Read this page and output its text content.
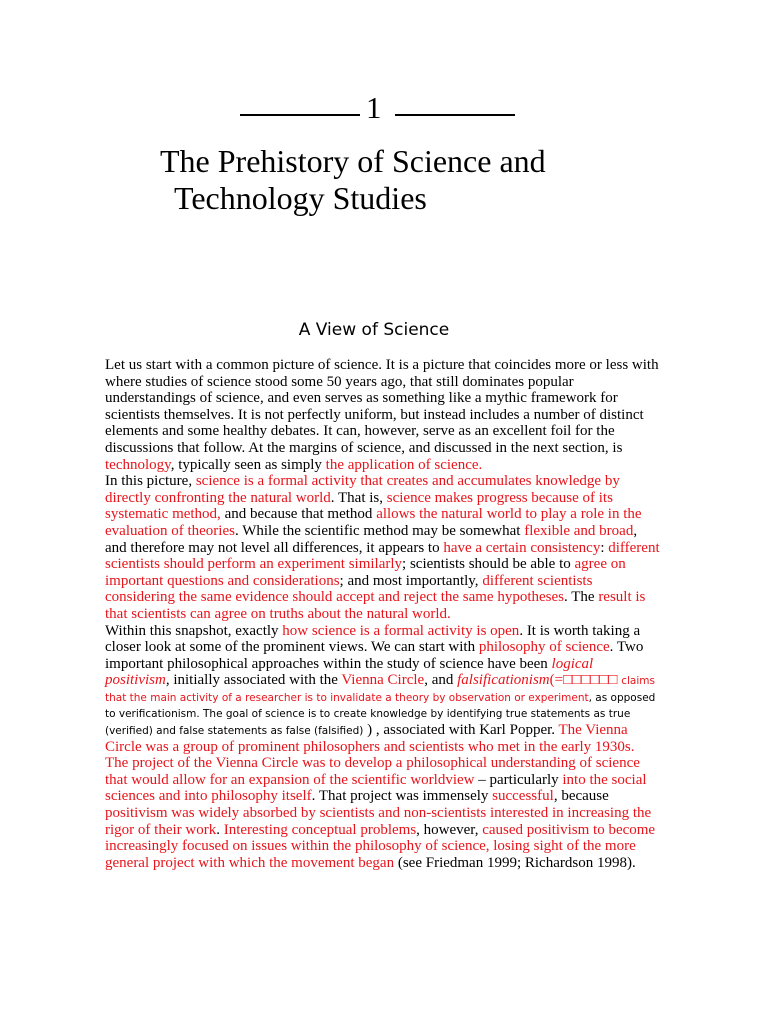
1
The Prehistory of Science and
Technology Studies
A View of Science

Let us start with a common picture of science. It is a picture that coincides more or less with where studies of science stood some 50 years ago, that still dominates popular understandings of science, and even serves as something like a mythic framework for scientists themselves. It is not perfectly uniform, but instead includes a number of distinct elements and some healthy debates. It can, however, serve as an excellent foil for the discussions that follow. At the margins of science, and discussed in the next section, is technology, typically seen as simply the application of science.

In this picture, science is a formal activity that creates and accumulates knowledge by directly confronting the natural world. That is, science makes progress because of its systematic method, and because that method allows the natural world to play a role in the evaluation of theories. While the scientific method may be somewhat flexible and broad, and therefore may not level all differences, it appears to have a certain consistency: different scientists should perform an experiment similarly; scientists should be able to agree on important questions and considerations; and most importantly, different scientists considering the same evidence should accept and reject the same hypotheses. The result is that scientists can agree on truths about the natural world.

Within this snapshot, exactly how science is a formal activity is open. It is worth taking a closer look at some of the prominent views. We can start with philosophy of science. Two important philosophical approaches within the study of science have been logical positivism, initially associated with the Vienna Circle, and falsificationism(=□□□□□□ claims that the main activity of a researcher is to invalidate a theory by observation or experiment, as opposed to verificationism. The goal of science is to create knowledge by identifying true statements as true (verified) and false statements as false (falsified) ) , associated with Karl Popper. The Vienna Circle was a group of prominent philosophers and scientists who met in the early 1930s. The project of the Vienna Circle was to develop a philosophical understanding of science that would allow for an expansion of the scientific worldview – particularly into the social sciences and into philosophy itself. That project was immensely successful, because positivism was widely absorbed by scientists and non-scientists interested in increasing the rigor of their work. Interesting conceptual problems, however, caused positivism to become increasingly focused on issues within the philosophy of science, losing sight of the more general project with which the movement began (see Friedman 1999; Richardson 1998).
